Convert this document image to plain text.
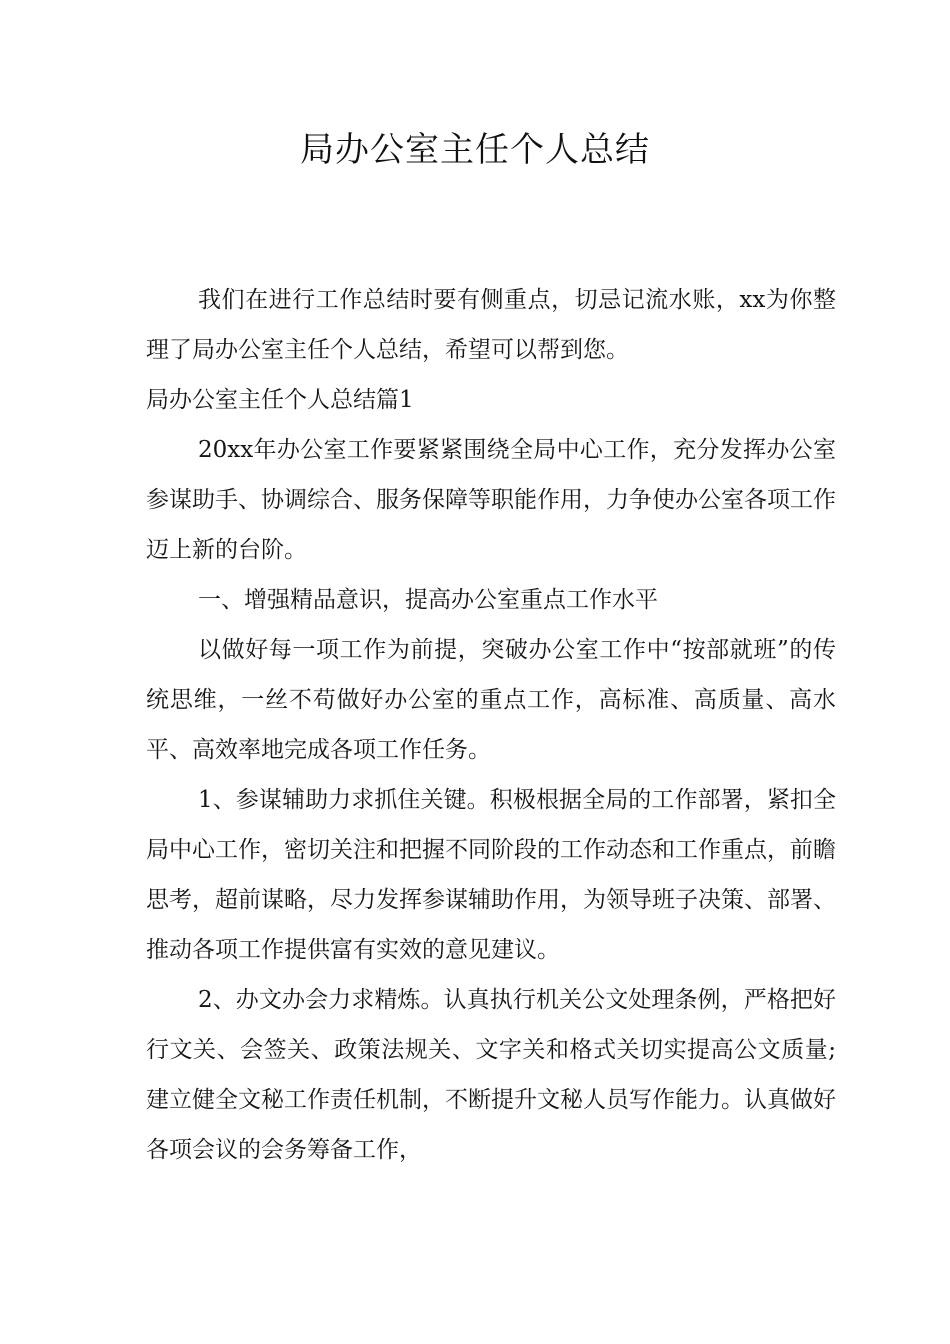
局办公室主任个人总结

我们在进行工作总结时要有侧重点，切忌记流水账，xx为你整理了局办公室主任个人总结，希望可以帮到您。

局办公室主任个人总结篇1

20xx年办公室工作要紧紧围绕全局中心工作，充分发挥办公室参谋助手、协调综合、服务保障等职能作用，力争使办公室各项工作迈上新的台阶。

一、增强精品意识，提高办公室重点工作水平

以做好每一项工作为前提，突破办公室工作中“按部就班”的传统思维，一丝不苟做好办公室的重点工作，高标准、高质量、高水平、高效率地完成各项工作任务。

1、参谋辅助力求抓住关键。积极根据全局的工作部署，紧扣全局中心工作，密切关注和把握不同阶段的工作动态和工作重点，前瞻思考，超前谋略，尽力发挥参谋辅助作用，为领导班子决策、部署、推动各项工作提供富有实效的意见建议。

2、办文办会力求精炼。认真执行机关公文处理条例，严格把好行文关、会签关、政策法规关、文字关和格式关切实提高公文质量;建立健全文秘工作责任机制，不断提升文秘人员写作能力。认真做好各项会议的会务筹备工作，
